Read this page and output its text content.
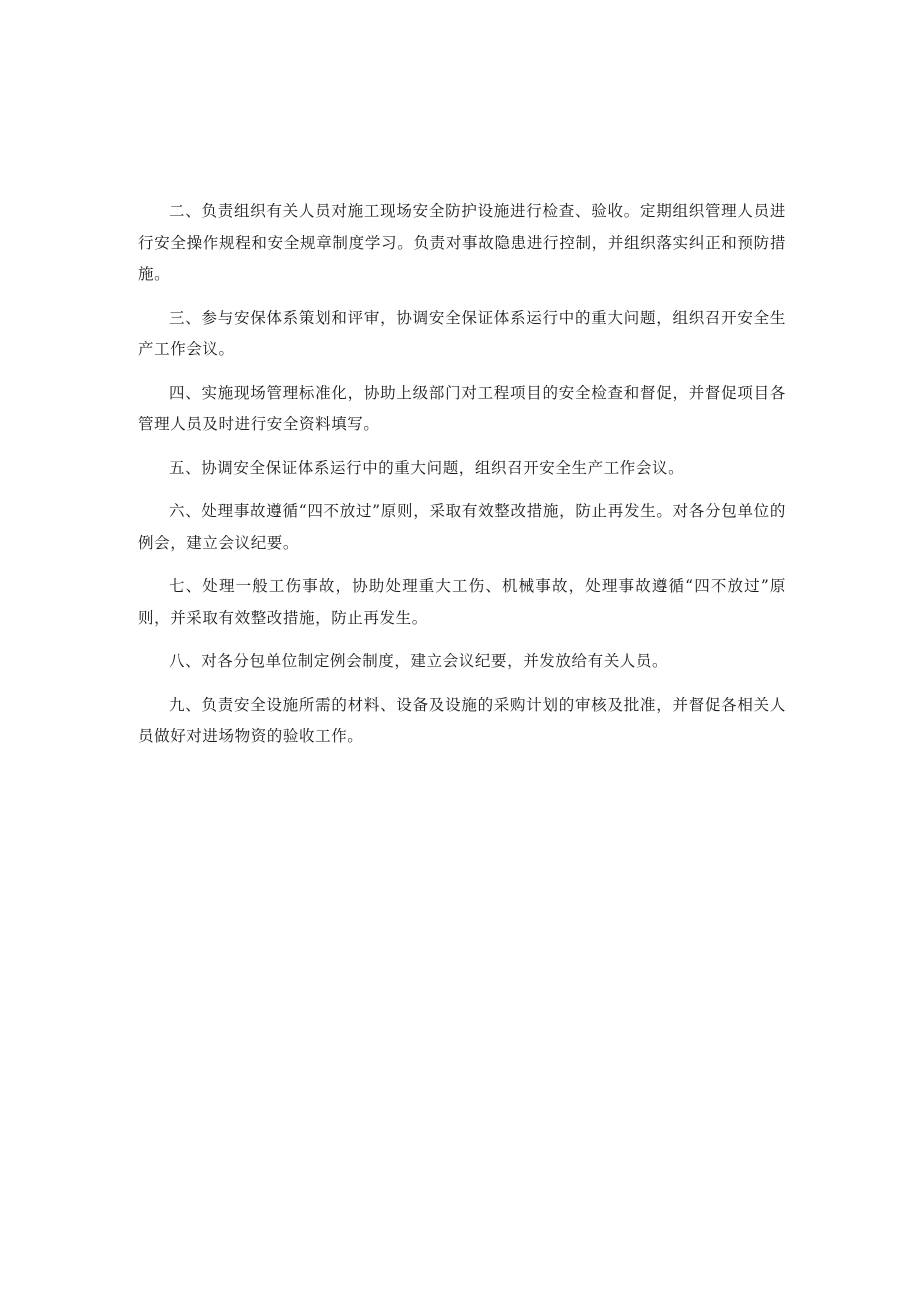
二、负责组织有关人员对施工现场安全防护设施进行检查、验收。定期组织管理人员进行安全操作规程和安全规章制度学习。负责对事故隐患进行控制，并组织落实纠正和预防措施。

三、参与安保体系策划和评审，协调安全保证体系运行中的重大问题，组织召开安全生产工作会议。

四、实施现场管理标准化，协助上级部门对工程项目的安全检查和督促，并督促项目各管理人员及时进行安全资料填写。

五、协调安全保证体系运行中的重大问题，组织召开安全生产工作会议。

六、处理事故遵循“四不放过”原则，采取有效整改措施，防止再发生。对各分包单位的例会，建立会议纪要。

七、处理一般工伤事故，协助处理重大工伤、机械事故，处理事故遵循“四不放过”原则，并采取有效整改措施，防止再发生。

八、对各分包单位制定例会制度，建立会议纪要，并发放给有关人员。

九、负责安全设施所需的材料、设备及设施的采购计划的审核及批准，并督促各相关人员做好对进场物资的验收工作。
